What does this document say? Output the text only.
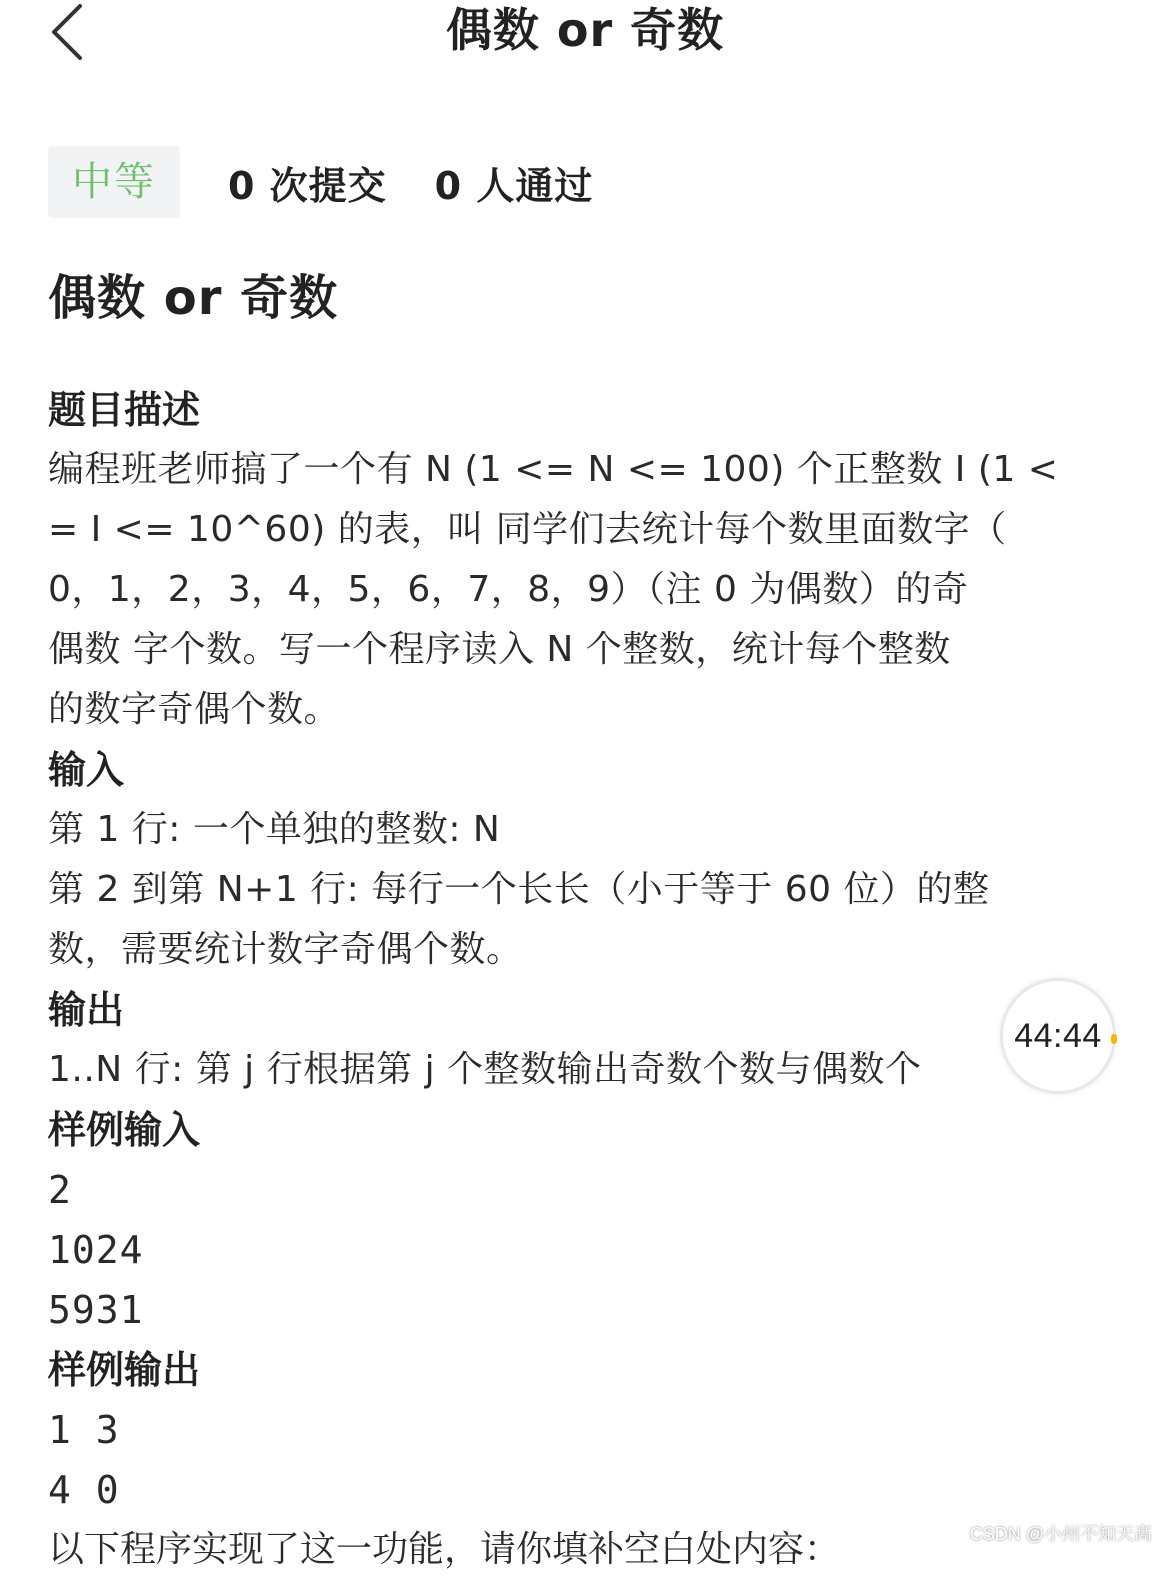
偶数 or 奇数
中等	0 次提交 0 人通过
偶数 or 奇数
题目描述

编程班老师搞了一个有 N (1 <= N <= 100) 个正整数 I (1 <

= I <= 10^60) 的表，叫 同学们去统计每个数里面数字（

0，1，2，3，4，5，6，7，8，9）（注 0 为偶数）的奇

偶数 字个数。写一个程序读入 N 个整数，统计每个整数

的数字奇偶个数。

输入

第 1 行: 一个单独的整数: N

第 2 到第 N+1 行: 每行一个长长（小于等于 60 位）的整

数，需要统计数字奇偶个数。

输出

1..N 行: 第 j 行根据第 j 个整数输出奇数个数与偶数个

样例输入

2

1024

5931

样例输出

1 3

4 0

以下程序实现了这一功能，请你填补空白处内容：
44:44
CSDN @小州不知天高
